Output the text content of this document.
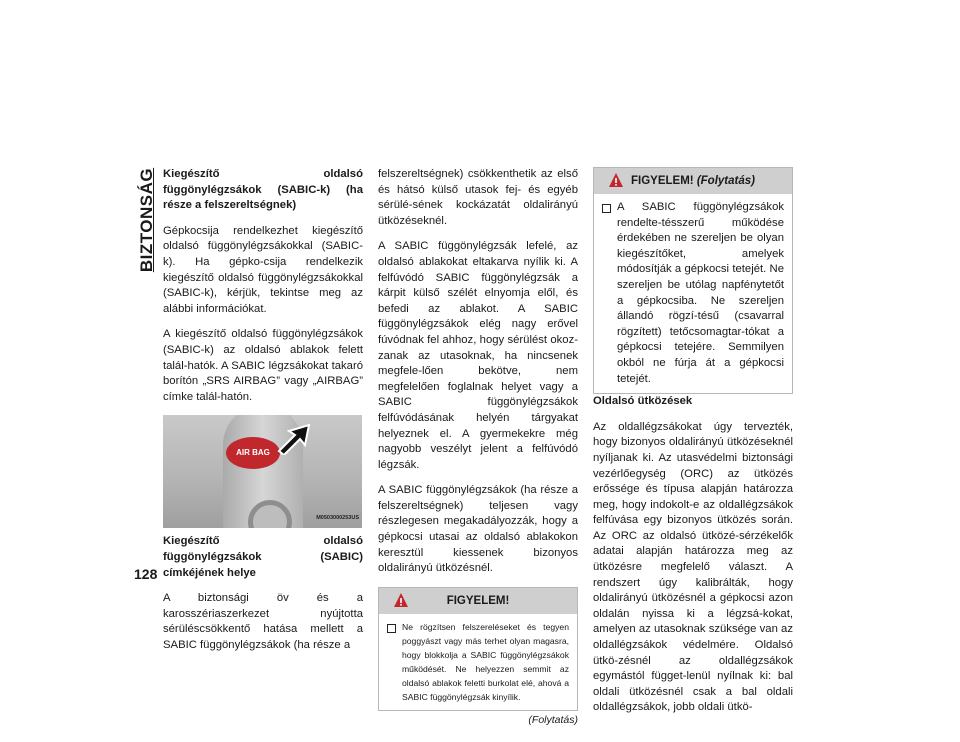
BIZTONSÁG Kiegészítő oldalsó függönylégzsákok (SABIC-k) (ha része a felszereltségnek)

Gépkocsija rendelkezhet kiegészítő oldalsó függönylégzsákokkal (SABIC-k). Ha gépko-csija rendelkezik kiegészítő oldalsó függönylégzsákokkal (SABIC-k), kérjük, tekintse meg az alábbi információkat.

A kiegészítő oldalsó függönylégzsákok (SABIC-k) az oldalsó ablakok felett talál-hatók. A SABIC légzsákokat takaró borítón „SRS AIRBAG” vagy „AIRBAG” címke talál-hatón.

AIR BAG
M0503000253US

Kiegészítő oldalsó függönylégzsákok (SABIC) címkéjének helye

A biztonsági öv és a karosszériaszerkezet nyújtotta sérüléscsökkentő hatása mellett a SABIC függönylégzsákok (ha része a

felszereltségnek) csökkenthetik az első és hátsó külső utasok fej- és egyéb sérülé-sének kockázatát oldalirányú ütközéseknél.

A SABIC függönylégzsák lefelé, az oldalsó ablakokat eltakarva nyílik ki. A felfúvódó SABIC függönylégzsák a kárpit külső szélét elnyomja elől, és befedi az ablakot. A SABIC függönylégzsákok elég nagy erővel fúvódnak fel ahhoz, hogy sérülést okoz-zanak az utasoknak, ha nincsenek megfele-lően bekötve, nem megfelelően foglalnak helyet vagy a SABIC függönylégzsákok felfúvódásának helyén tárgyakat helyeznek el. A gyermekekre még nagyobb veszélyt jelent a felfúvódó légzsák.

A SABIC függönylégzsákok (ha része a felszereltségnek) teljesen vagy részlegesen megakadályozzák, hogy a gépkocsi utasai az oldalsó ablakokon keresztül kiessenek bizonyos oldalirányú ütközésnél.

FIGYELEM!
Ne rögzítsen felszereléseket és tegyen poggyászt vagy más terhet olyan magasra, hogy blokkolja a SABIC függönylégzsákok működését. Ne helyezzen semmit az oldalsó ablakok feletti burkolat elé, ahová a SABIC függönylégzsák kinyílik.
(Folytatás)
FIGYELEM! (Folytatás)
A SABIC függönylégzsákok rendelte-tésszerű működése érdekében ne szereljen be olyan kiegészítőket, amelyek módosítják a gépkocsi tetejét. Ne szereljen be utólag napfénytetőt a gépkocsiba. Ne szereljen állandó rögzí-tésű (csavarral rögzített) tetőcsomagtar-tókat a gépkocsi tetejére. Semmilyen okból ne fúrja át a gépkocsi tetejét.

Oldalsó ütközések

Az oldallégzsákokat úgy tervezték, hogy bizonyos oldalirányú ütközéseknél nyíljanak ki. Az utasvédelmi biztonsági vezérlőegység (ORC) az ütközés erőssége és típusa alapján határozza meg, hogy indokolt-e az oldallégzsákok felfúvása egy bizonyos ütközés során. Az ORC az oldalsó ütközé-sérzékelők adatai alapján határozza meg az ütközésre megfelelő választ. A rendszert úgy kalibrálták, hogy oldalirányú ütközésnél a gépkocsi azon oldalán nyissa ki a légzsá-kokat, amelyen az utasoknak szüksége van az oldallégzsákok védelmére. Oldalsó ütkö-zésnél az oldallégzsákok egymástól függet-lenül nyílnak ki: bal oldali ütközésnél csak a bal oldali oldallégzsákok, jobb oldali ütkö-

128
